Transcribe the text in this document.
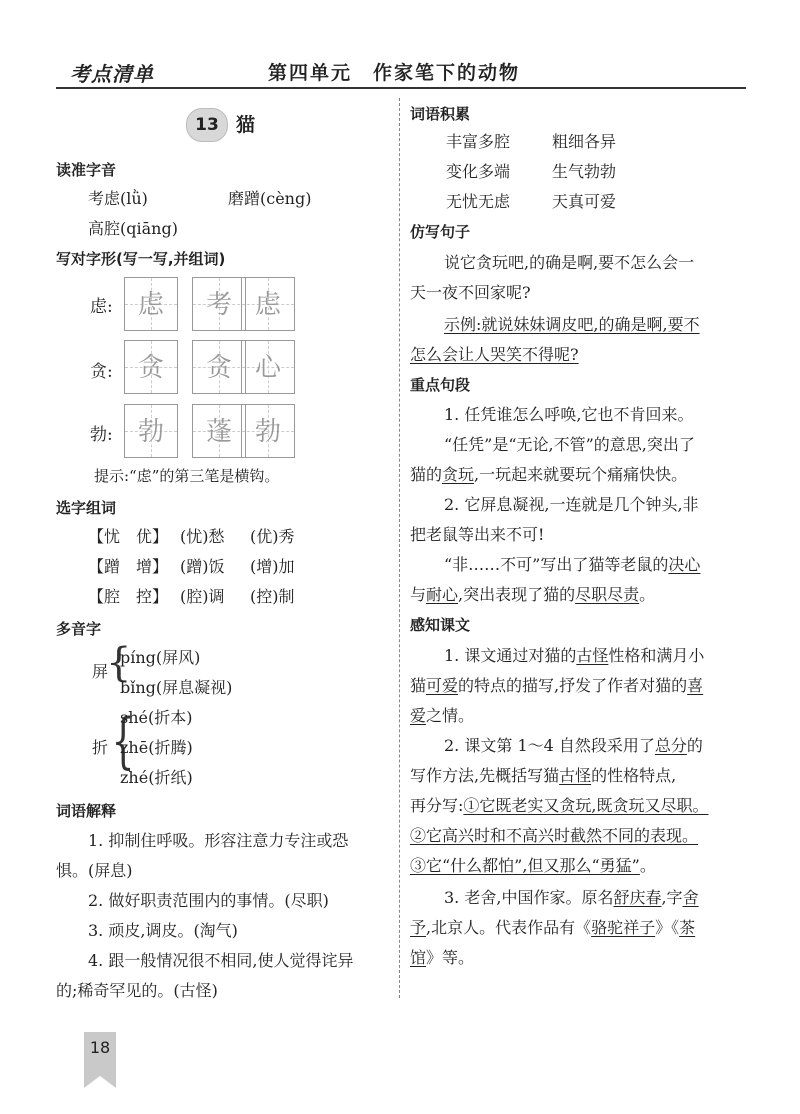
考点清单	第四单元　作家笔下的动物
13 猫
读准字音
考虑(lǜ)	磨蹭(cèng)
高腔(qiāng)
写对字形(写一写,并组词)
虑: 虑	考 虑
贪: 贪	贪 心
勃: 勃	蓬 勃
提示:“虑”的第三笔是横钩。
选字组词
【忧　优】 (忧)愁 (优)秀
【蹭　增】 (蹭)饭 (增)加
【腔　控】 (腔)调 (控)制
多音字
屏
{
píng(屏风)
bǐng(屏息凝视)
折 {
shé(折本)
zhē(折腾)
zhé(折纸)
词语解释
1. 抑制住呼吸。形容注意力专注或恐
惧。(屏息)
2. 做好职责范围内的事情。(尽职)
3. 顽皮,调皮。(淘气)
4. 跟一般情况很不相同,使人觉得诧异
的;稀奇罕见的。(古怪)
词语积累
丰富多腔	粗细各异
变化多端	生气勃勃
无忧无虑	天真可爱
仿写句子
说它贪玩吧,的确是啊,要不怎么会一
天一夜不回家呢?
示例:就说妹妹调皮吧,的确是啊,要不
怎么会让人哭笑不得呢?
重点句段
1. 任凭谁怎么呼唤,它也不肯回来。
“任凭”是“无论,不管”的意思,突出了
猫的贪玩,一玩起来就要玩个痛痛快快。
2. 它屏息凝视,一连就是几个钟头,非
把老鼠等出来不可!
“非……不可”写出了猫等老鼠的决心
与耐心,突出表现了猫的尽职尽责。
感知课文
1. 课文通过对猫的古怪性格和满月小
猫可爱的特点的描写,抒发了作者对猫的喜
爱之情。
2. 课文第 1～4 自然段采用了总分的
写作方法,先概括写猫古怪的性格特点,
再分写:①它既老实又贪玩,既贪玩又尽职。
②它高兴时和不高兴时截然不同的表现。
③它“什么都怕”,但又那么“勇猛”。
3. 老舍,中国作家。原名舒庆春,字舍
予,北京人。代表作品有《骆驼祥子》《茶
馆》等。
18
